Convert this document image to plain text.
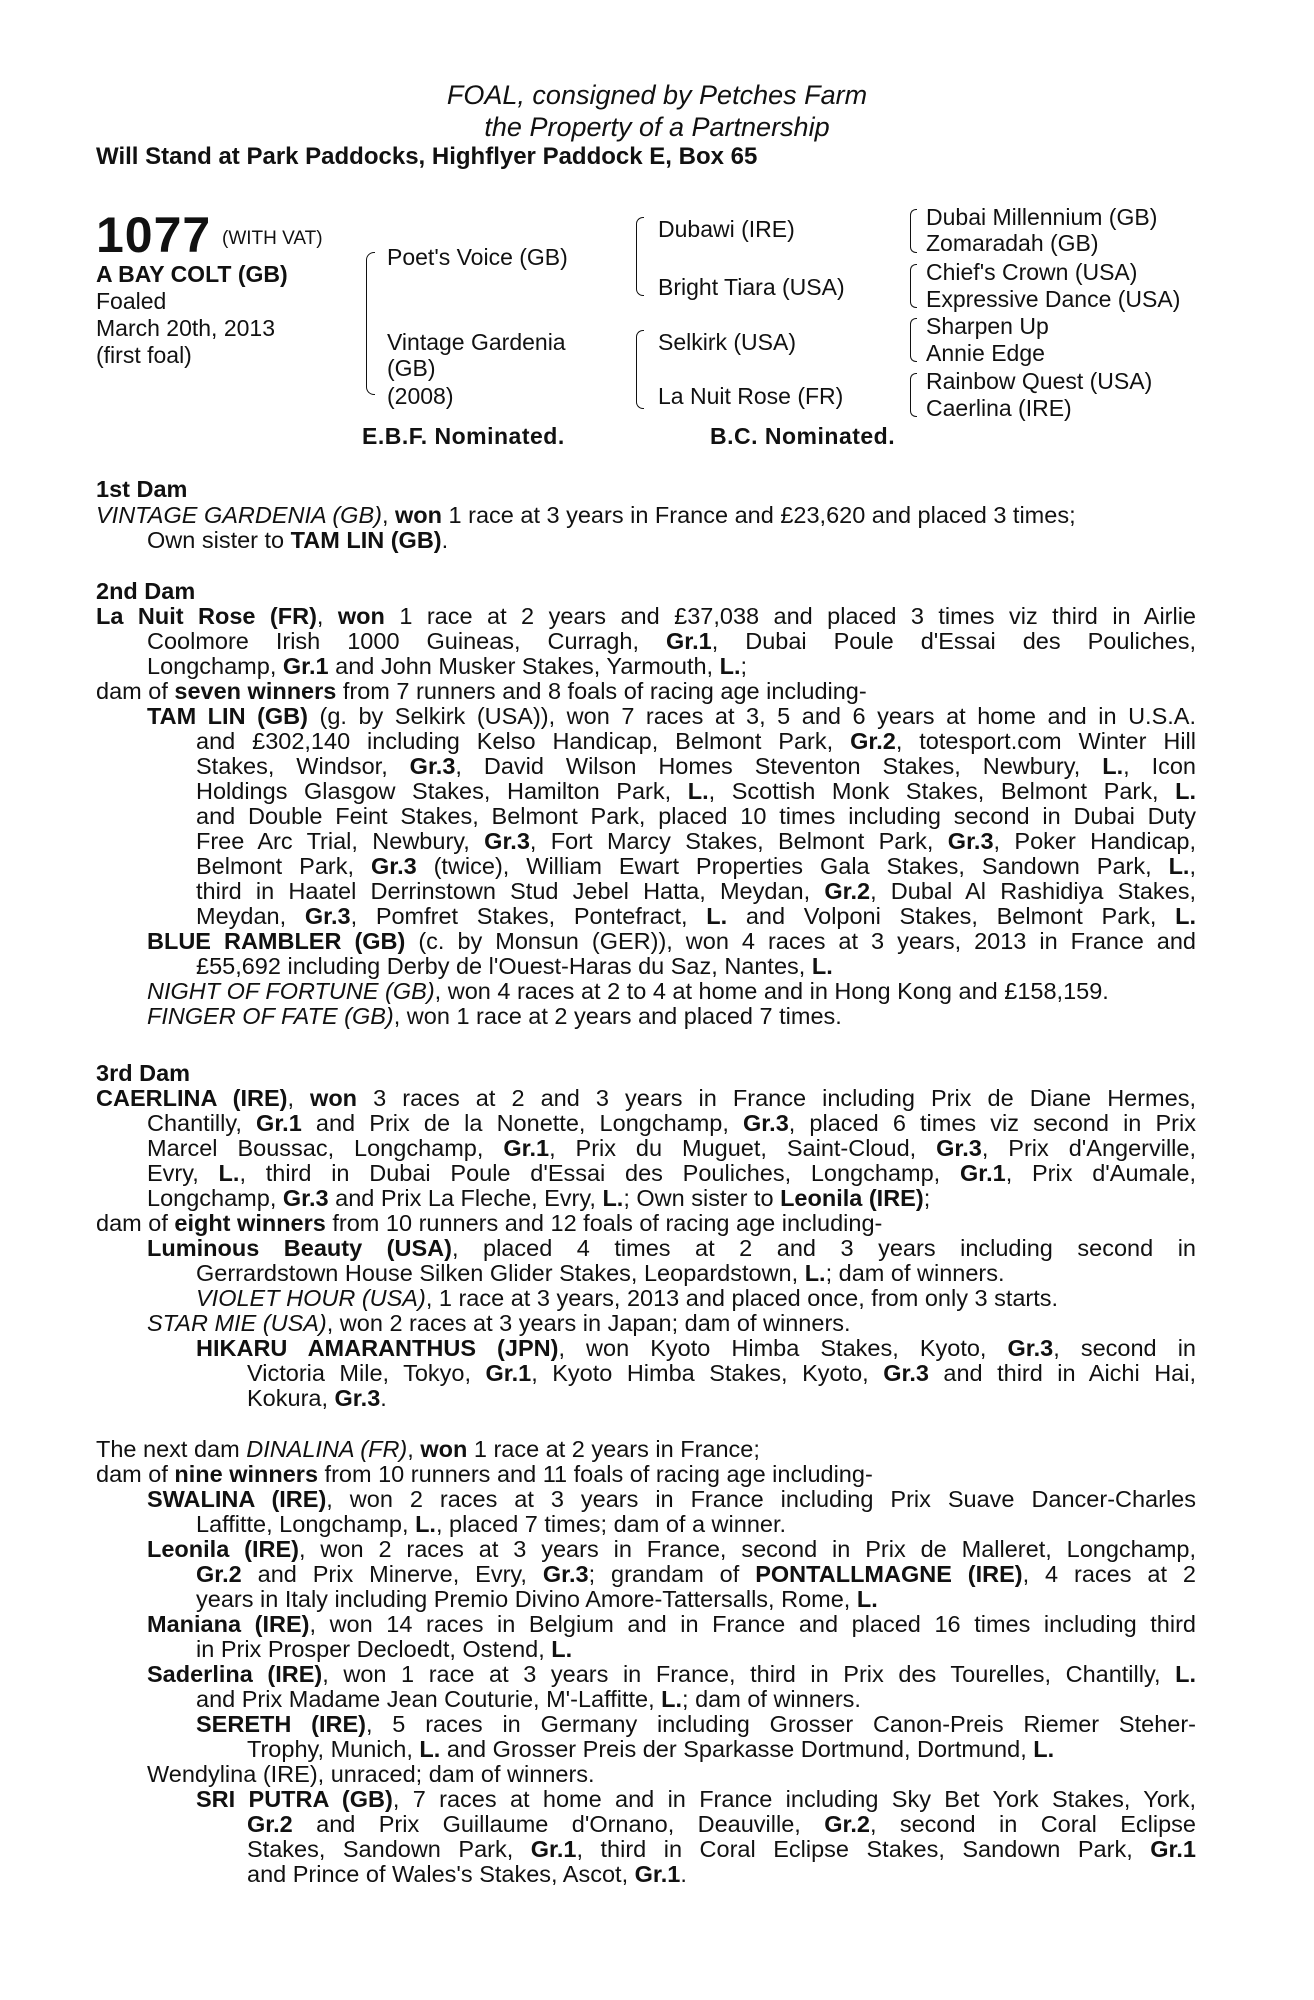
FOAL, consigned by Petches Farm
the Property of a Partnership
Will Stand at Park Paddocks, Highflyer Paddock E, Box 65
1077 (WITH VAT)
A BAY COLT (GB)
Foaled
March 20th, 2013
(first foal)
Poet's Voice (GB)
Vintage Gardenia
(GB)
(2008)
Dubawi (IRE)
Bright Tiara (USA)
Selkirk (USA)
La Nuit Rose (FR)
Dubai Millennium (GB)
Zomaradah (GB)
Chief's Crown (USA)
Expressive Dance (USA)
Sharpen Up
Annie Edge
Rainbow Quest (USA)
Caerlina (IRE)
E.B.F. Nominated.	B.C. Nominated.
1st Dam
VINTAGE GARDENIA (GB), won 1 race at 3 years in France and £23,620 and placed 3 times;
Own sister to TAM LIN (GB).
2nd Dam
La Nuit Rose (FR), won 1 race at 2 years and £37,038 and placed 3 times viz third in Airlie
Coolmore Irish 1000 Guineas, Curragh, Gr.1, Dubai Poule d'Essai des Pouliches,
Longchamp, Gr.1 and John Musker Stakes, Yarmouth, L.;
dam of seven winners from 7 runners and 8 foals of racing age including-
TAM LIN (GB) (g. by Selkirk (USA)), won 7 races at 3, 5 and 6 years at home and in U.S.A.
and £302,140 including Kelso Handicap, Belmont Park, Gr.2, totesport.com Winter Hill
Stakes, Windsor, Gr.3, David Wilson Homes Steventon Stakes, Newbury, L., Icon
Holdings Glasgow Stakes, Hamilton Park, L., Scottish Monk Stakes, Belmont Park, L.
and Double Feint Stakes, Belmont Park, placed 10 times including second in Dubai Duty
Free Arc Trial, Newbury, Gr.3, Fort Marcy Stakes, Belmont Park, Gr.3, Poker Handicap,
Belmont Park, Gr.3 (twice), William Ewart Properties Gala Stakes, Sandown Park, L.,
third in Haatel Derrinstown Stud Jebel Hatta, Meydan, Gr.2, Dubal Al Rashidiya Stakes,
Meydan, Gr.3, Pomfret Stakes, Pontefract, L. and Volponi Stakes, Belmont Park, L.
BLUE RAMBLER (GB) (c. by Monsun (GER)), won 4 races at 3 years, 2013 in France and
£55,692 including Derby de l'Ouest-Haras du Saz, Nantes, L.
NIGHT OF FORTUNE (GB), won 4 races at 2 to 4 at home and in Hong Kong and £158,159.
FINGER OF FATE (GB), won 1 race at 2 years and placed 7 times.
3rd Dam
CAERLINA (IRE), won 3 races at 2 and 3 years in France including Prix de Diane Hermes,
Chantilly, Gr.1 and Prix de la Nonette, Longchamp, Gr.3, placed 6 times viz second in Prix
Marcel Boussac, Longchamp, Gr.1, Prix du Muguet, Saint-Cloud, Gr.3, Prix d'Angerville,
Evry, L., third in Dubai Poule d'Essai des Pouliches, Longchamp, Gr.1, Prix d'Aumale,
Longchamp, Gr.3 and Prix La Fleche, Evry, L.; Own sister to Leonila (IRE);
dam of eight winners from 10 runners and 12 foals of racing age including-
Luminous Beauty (USA), placed 4 times at 2 and 3 years including second in
Gerrardstown House Silken Glider Stakes, Leopardstown, L.; dam of winners.
VIOLET HOUR (USA), 1 race at 3 years, 2013 and placed once, from only 3 starts.
STAR MIE (USA), won 2 races at 3 years in Japan; dam of winners.
HIKARU AMARANTHUS (JPN), won Kyoto Himba Stakes, Kyoto, Gr.3, second in
Victoria Mile, Tokyo, Gr.1, Kyoto Himba Stakes, Kyoto, Gr.3 and third in Aichi Hai,
Kokura, Gr.3.
The next dam DINALINA (FR), won 1 race at 2 years in France;
dam of nine winners from 10 runners and 11 foals of racing age including-
SWALINA (IRE), won 2 races at 3 years in France including Prix Suave Dancer-Charles
Laffitte, Longchamp, L., placed 7 times; dam of a winner.
Leonila (IRE), won 2 races at 3 years in France, second in Prix de Malleret, Longchamp,
Gr.2 and Prix Minerve, Evry, Gr.3; grandam of PONTALLMAGNE (IRE), 4 races at 2
years in Italy including Premio Divino Amore-Tattersalls, Rome, L.
Maniana (IRE), won 14 races in Belgium and in France and placed 16 times including third
in Prix Prosper Decloedt, Ostend, L.
Saderlina (IRE), won 1 race at 3 years in France, third in Prix des Tourelles, Chantilly, L.
and Prix Madame Jean Couturie, M'-Laffitte, L.; dam of winners.
SERETH (IRE), 5 races in Germany including Grosser Canon-Preis Riemer Steher-
Trophy, Munich, L. and Grosser Preis der Sparkasse Dortmund, Dortmund, L.
Wendylina (IRE), unraced; dam of winners.
SRI PUTRA (GB), 7 races at home and in France including Sky Bet York Stakes, York,
Gr.2 and Prix Guillaume d'Ornano, Deauville, Gr.2, second in Coral Eclipse
Stakes, Sandown Park, Gr.1, third in Coral Eclipse Stakes, Sandown Park, Gr.1
and Prince of Wales's Stakes, Ascot, Gr.1.
